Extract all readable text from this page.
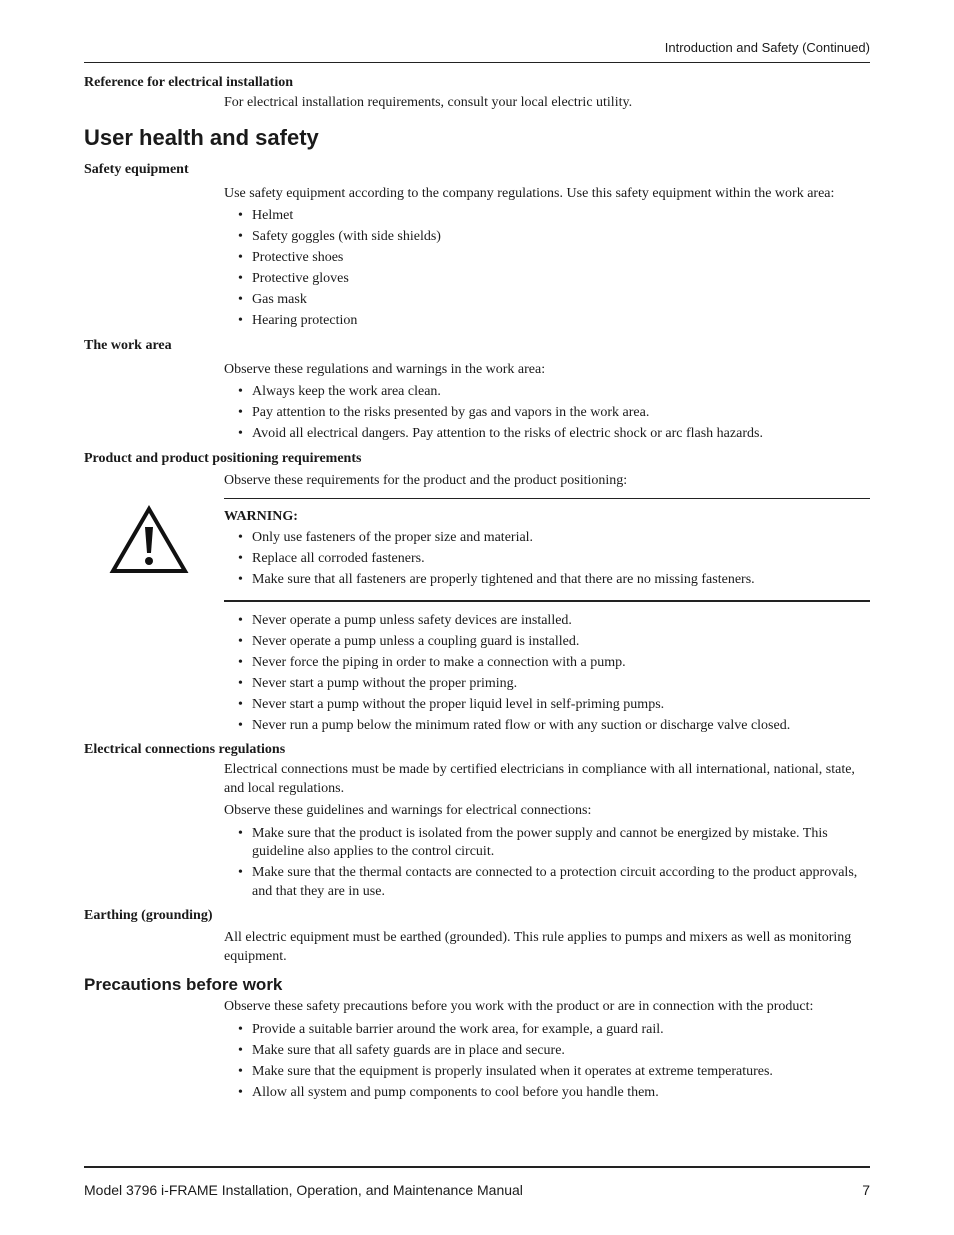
Introduction and Safety (Continued)
Reference for electrical installation

For electrical installation requirements, consult your local electric utility.

User health and safety
Safety equipment

Use safety equipment according to the company regulations. Use this safety equipment within the work area:

• Helmet
• Safety goggles (with side shields)
• Protective shoes
• Protective gloves
• Gas mask
• Hearing protection
The work area

Observe these regulations and warnings in the work area:

• Always keep the work area clean.
• Pay attention to the risks presented by gas and vapors in the work area.
• Avoid all electrical dangers. Pay attention to the risks of electric shock or arc flash hazards.
Product and product positioning requirements

Observe these requirements for the product and the product positioning:

WARNING:
• Only use fasteners of the proper size and material.
• Replace all corroded fasteners.
• Make sure that all fasteners are properly tightened and that there are no missing fasteners.
• Never operate a pump unless safety devices are installed.
• Never operate a pump unless a coupling guard is installed.
• Never force the piping in order to make a connection with a pump.
• Never start a pump without the proper priming.
• Never start a pump without the proper liquid level in self-priming pumps.
• Never run a pump below the minimum rated flow or with any suction or discharge valve closed.
Electrical connections regulations

Electrical connections must be made by certified electricians in compliance with all international, national, state, and local regulations.

Observe these guidelines and warnings for electrical connections:

• Make sure that the product is isolated from the power supply and cannot be energized by mistake. This guideline also applies to the control circuit.
• Make sure that the thermal contacts are connected to a protection circuit according to the product approvals, and that they are in use.
Earthing (grounding)

All electric equipment must be earthed (grounded). This rule applies to pumps and mixers as well as monitoring equipment.

Precautions before work

Observe these safety precautions before you work with the product or are in connection with the product:

• Provide a suitable barrier around the work area, for example, a guard rail.
• Make sure that all safety guards are in place and secure.
• Make sure that the equipment is properly insulated when it operates at extreme temperatures.
• Allow all system and pump components to cool before you handle them.
Model 3796 i-FRAME Installation, Operation, and Maintenance Manual	7
